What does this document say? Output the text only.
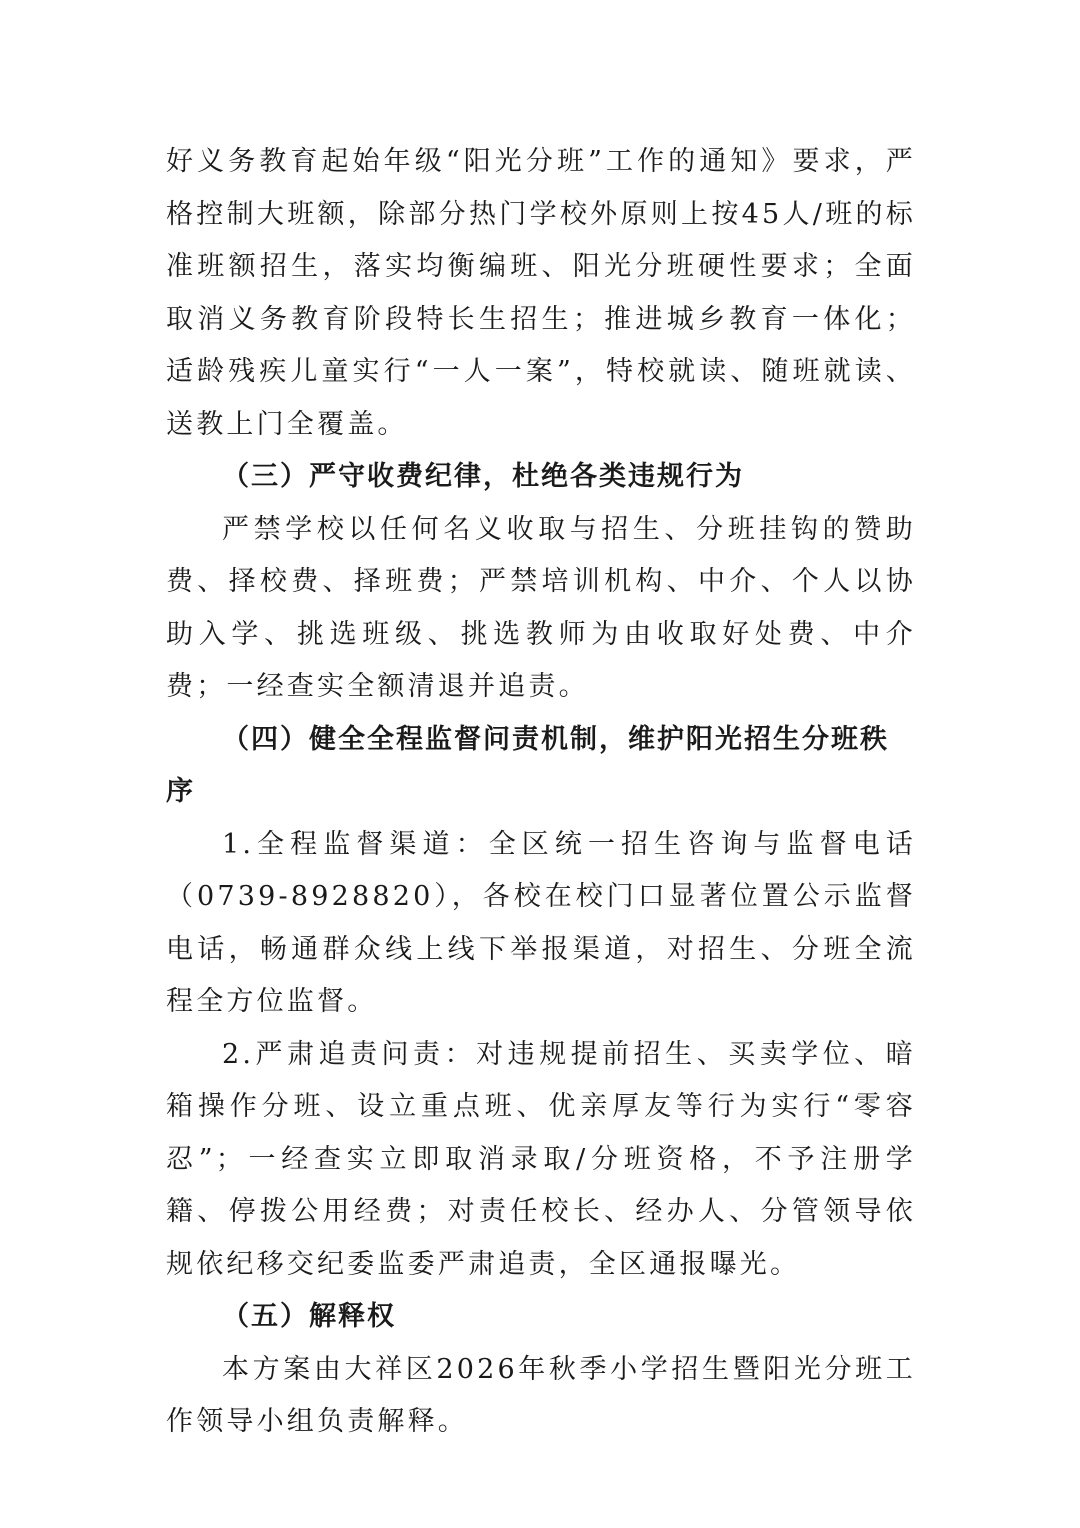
好义务教育起始年级“阳光分班”工作的通知》要求，严格控制大班额，除部分热门学校外原则上按45人/班的标准班额招生，落实均衡编班、阳光分班硬性要求；全面取消义务教育阶段特长生招生；推进城乡教育一体化；适龄残疾儿童实行“一人一案”，特校就读、随班就读、送教上门全覆盖。

（三）严守收费纪律，杜绝各类违规行为

严禁学校以任何名义收取与招生、分班挂钩的赞助费、择校费、择班费；严禁培训机构、中介、个人以协助入学、挑选班级、挑选教师为由收取好处费、中介费；一经查实全额清退并追责。

（四）健全全程监督问责机制，维护阳光招生分班秩序

1.全程监督渠道：全区统一招生咨询与监督电话（0739-8928820），各校在校门口显著位置公示监督电话，畅通群众线上线下举报渠道，对招生、分班全流程全方位监督。

2.严肃追责问责：对违规提前招生、买卖学位、暗箱操作分班、设立重点班、优亲厚友等行为实行“零容忍”；一经查实立即取消录取/分班资格，不予注册学籍、停拨公用经费；对责任校长、经办人、分管领导依规依纪移交纪委监委严肃追责，全区通报曝光。

（五）解释权

本方案由大祥区2026年秋季小学招生暨阳光分班工作领导小组负责解释。
